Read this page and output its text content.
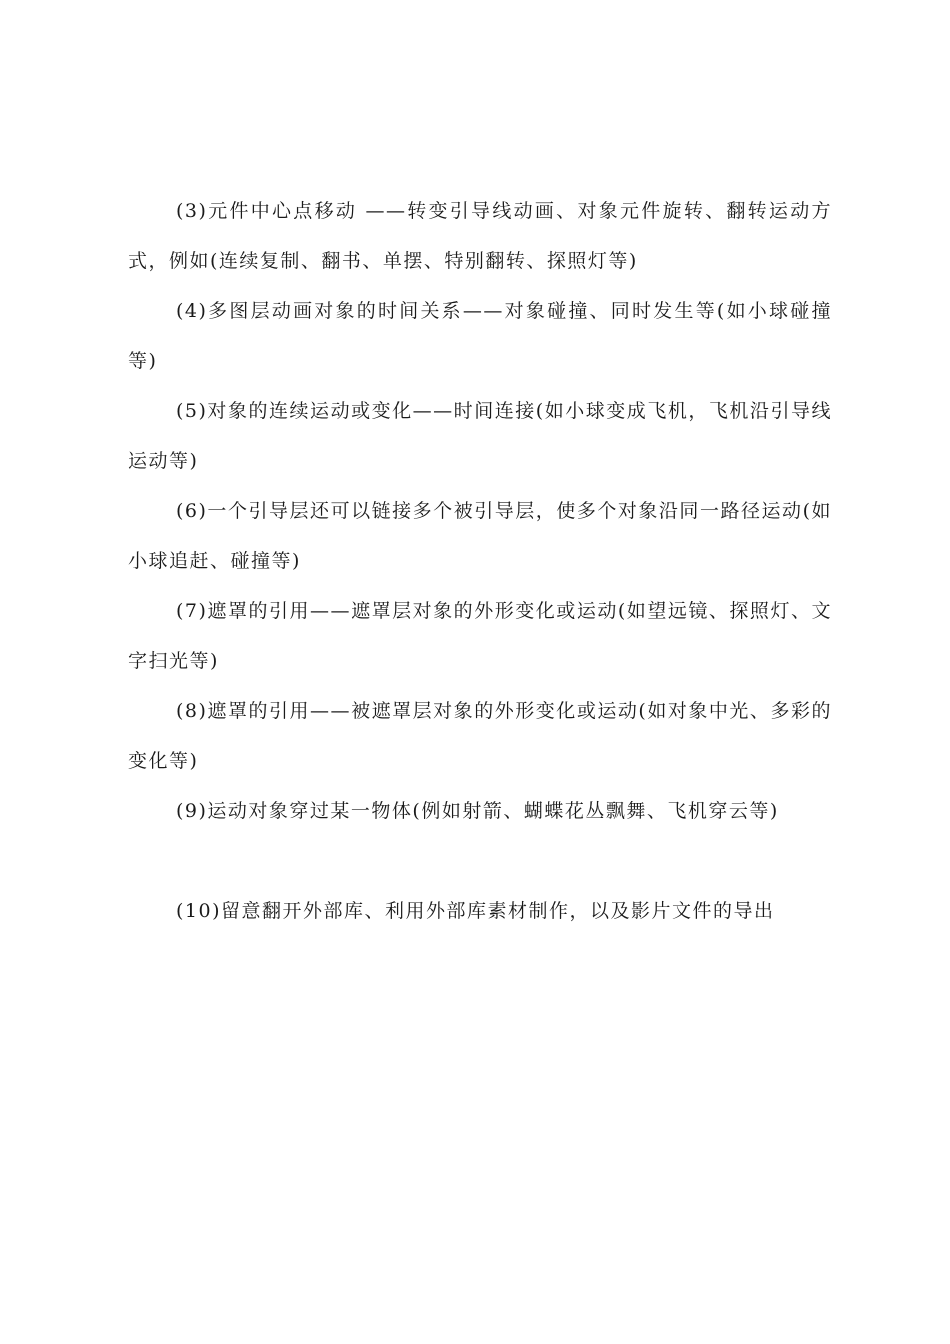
(3)元件中心点移动 ——转变引导线动画、对象元件旋转、翻转运动方式，例如(连续复制、翻书、单摆、特别翻转、探照灯等)

(4)多图层动画对象的时间关系——对象碰撞、同时发生等(如小球碰撞等)

(5)对象的连续运动或变化——时间连接(如小球变成飞机，飞机沿引导线运动等)

(6)一个引导层还可以链接多个被引导层，使多个对象沿同一路径运动(如小球追赶、碰撞等)

(7)遮罩的引用——遮罩层对象的外形变化或运动(如望远镜、探照灯、文字扫光等)

(8)遮罩的引用——被遮罩层对象的外形变化或运动(如对象中光、多彩的变化等)

(9)运动对象穿过某一物体(例如射箭、蝴蝶花丛飘舞、飞机穿云等)

(10)留意翻开外部库、利用外部库素材制作，以及影片文件的导出
